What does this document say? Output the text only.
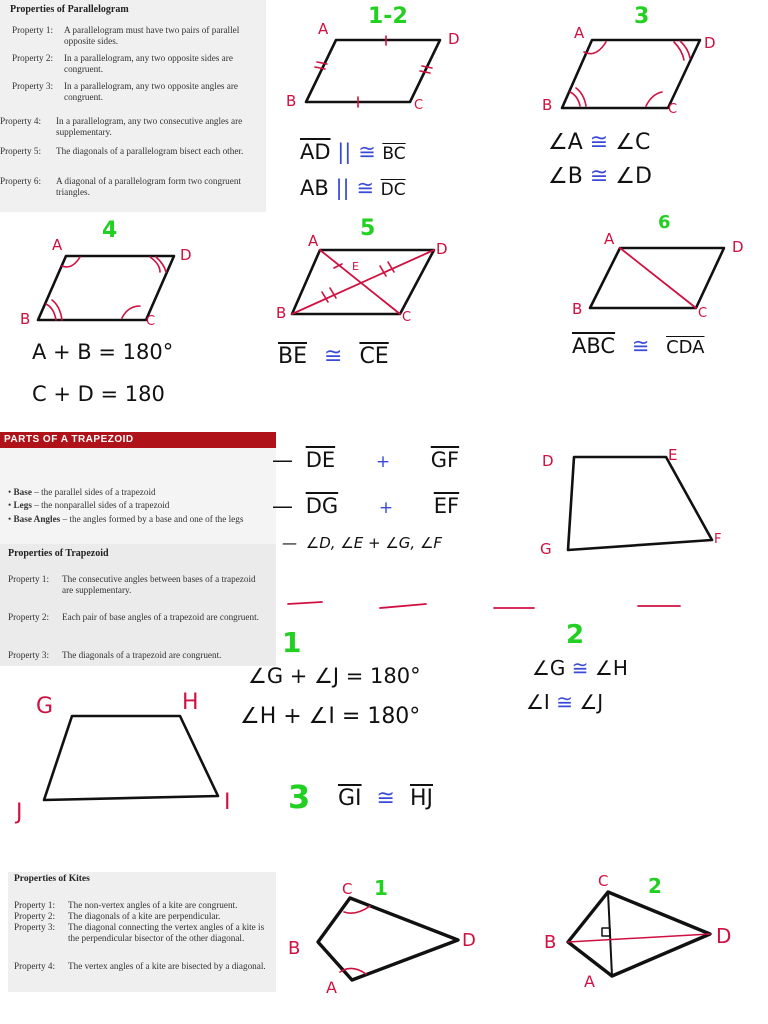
Properties of Parallelogram
Property 1: A parallelogram must have two pairs of parallel opposite sides.
Property 2: In a parallelogram, any two opposite sides are congruent.
Property 3: In a parallelogram, any two opposite angles are congruent.
Property 4: In a parallelogram, any two consecutive angles are supplementary.
Property 5: The diagonals of a parallelogram bisect each other.
Property 6: A diagonal of a parallelogram form two congruent triangles.
PARTS OF A TRAPEZOID
• Base – the parallel sides of a trapezoid
• Legs – the nonparallel sides of a trapezoid
• Base Angles – the angles formed by a base and one of the legs
Properties of Trapezoid
Property 1: The consecutive angles between bases of a trapezoid are supplementary.
Property 2: Each pair of base angles of a trapezoid are congruent.
Property 3: The diagonals of a trapezoid are congruent.
Properties of Kites
Property 1: The non-vertex angles of a kite are congruent.
Property 2: The diagonals of a kite are perpendicular.
Property 3: The diagonal connecting the vertex angles of a kite is the perpendicular bisector of the other diagonal.
Property 4: The vertex angles of a kite are bisected by a diagonal.
1-2	3
4	5	6
A
D
B	C
A
D
B	C
A
D
B	C
A	D
E
B	C
A	D
B	C
$\overline{AD}$ || ≅ $\overline{BC}$
AB || ≅ $\overline{DC}$
∠A ≅ ∠C
∠B ≅ ∠D
A + B = 180°
C + D = 180
$\overline{BE}$ ≅ $\overline{CE}$	$\overline{ABC}$ ≅ $\overline{CDA}$
— $\overline{DE} + \overline{GF}$
— $\overline{DG} + \overline{EF}$
— ∠D, ∠E + ∠G, ∠F
D	E
F
G
G	H
I
J
1	2
3
∠G + ∠J = 180°
∠H + ∠I = 180°
∠G ≅ ∠H
∠I ≅ ∠J
$\overline{GI}$ ≅ $\overline{HJ}$
1	2
C
D
B
A
C
D
B
A
